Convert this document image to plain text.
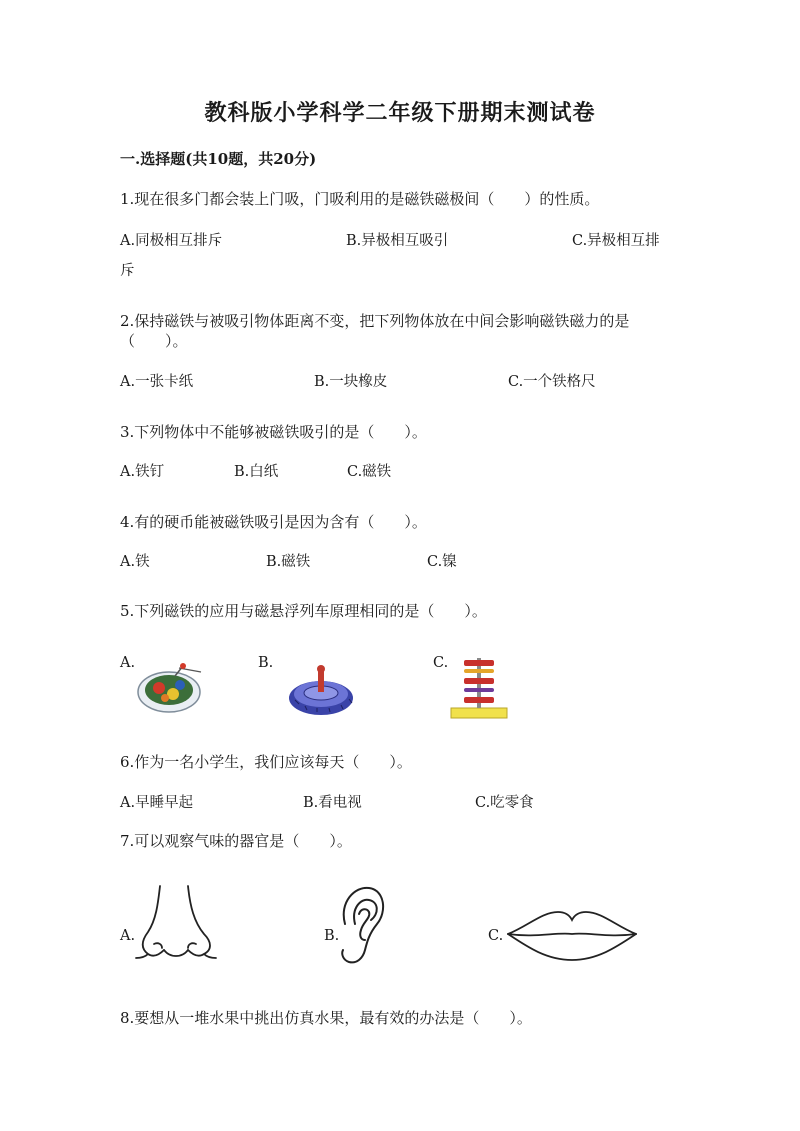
教科版小学科学二年级下册期末测试卷
一.选择题(共10题，共20分)
1.现在很多门都会装上门吸，门吸利用的是磁铁磁极间（　　）的性质。
A.同极相互排斥	B.异极相互吸引	C.异极相互排
斥
2.保持磁铁与被吸引物体距离不变，把下列物体放在中间会影响磁铁磁力的是
（　　）。
A.一张卡纸	B.一块橡皮	C.一个铁格尺
3.下列物体中不能够被磁铁吸引的是（　　）。
A.铁钉	B.白纸	C.磁铁
4.有的硬币能被磁铁吸引是因为含有（　　）。
A.铁	B.磁铁	C.镍
5.下列磁铁的应用与磁悬浮列车原理相同的是（　　）。
A.	B.	C.
6.作为一名小学生，我们应该每天（　　）。
A.早睡早起	B.看电视	C.吃零食
7.可以观察气味的器官是（　　）。
A.	B.	C.
8.要想从一堆水果中挑出仿真水果，最有效的办法是（　　）。
